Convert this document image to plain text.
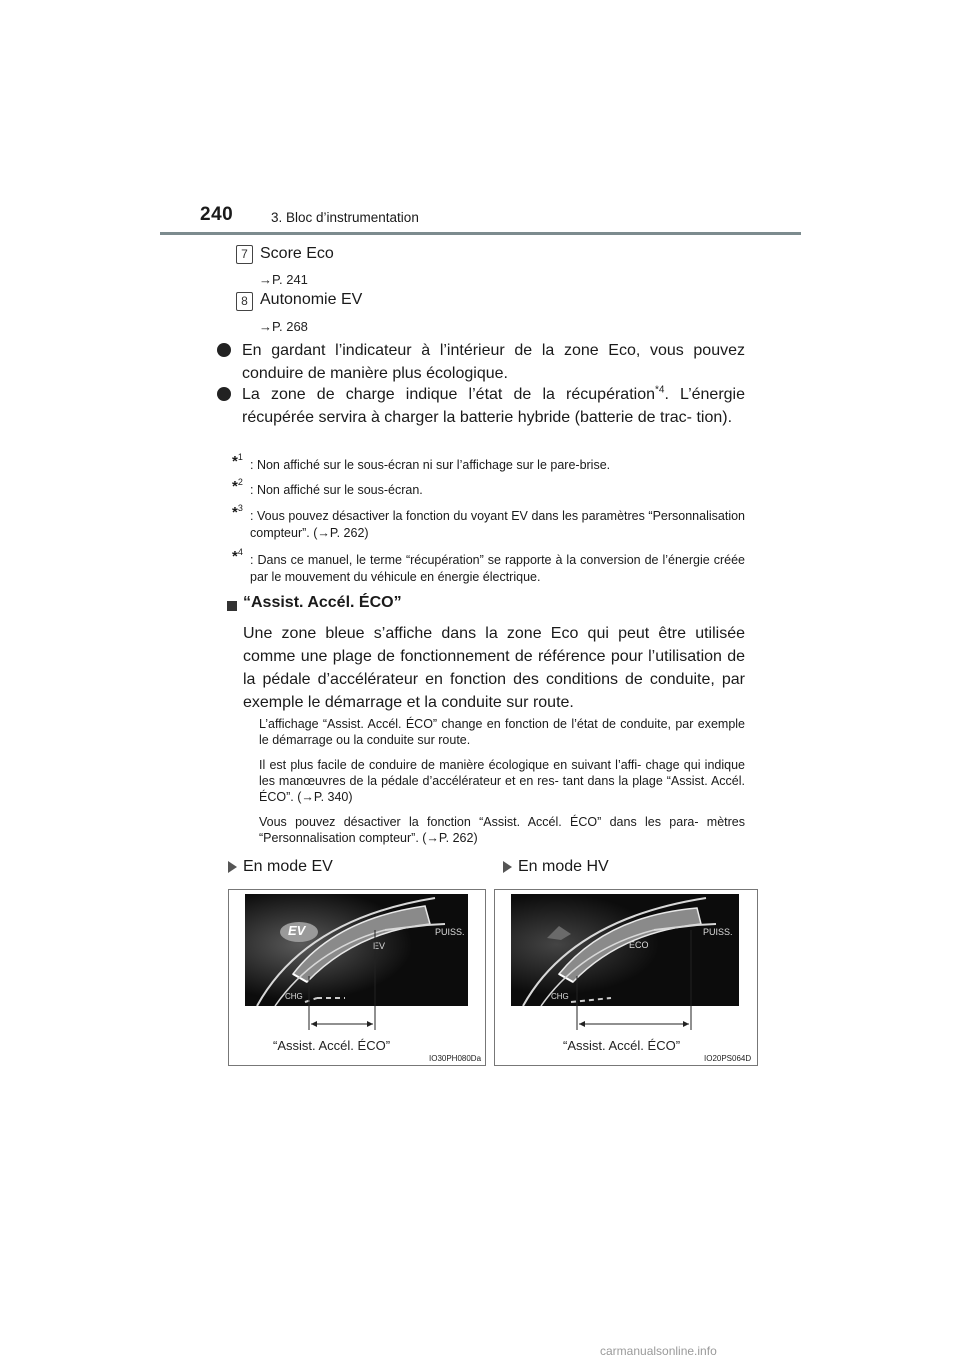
240	3. Bloc d’instrumentation
7 Score Eco
→P. 241
8 Autonomie EV
→P. 268
En gardant l’indicateur à l’intérieur de la zone Eco, vous pouvez conduire de manière plus écologique.
La zone de charge indique l’état de la récupération$^{*4}$. L’énergie récupérée servira à charger la batterie hybride (batterie de trac- tion).
*$^1$
: Non affiché sur le sous-écran ni sur l’affichage sur le pare-brise.
*$^2$
: Non affiché sur le sous-écran.
*$^3$
: Vous pouvez désactiver la fonction du voyant EV dans les paramètres “Personnalisation compteur”. (→P. 262)
*$^4$
: Dans ce manuel, le terme “récupération” se rapporte à la conversion de l’énergie créée par le mouvement du véhicule en énergie électrique.
“Assist. Accél. ÉCO”
Une zone bleue s’affiche dans la zone Eco qui peut être utilisée comme une plage de fonctionnement de référence pour l’utilisation de la pédale d’accélérateur en fonction des conditions de conduite, par exemple le démarrage et la conduite sur route.
L’affichage “Assist. Accél. ÉCO” change en fonction de l’état de conduite, par exemple le démarrage ou la conduite sur route.
Il est plus facile de conduire de manière écologique en suivant l’affi- chage qui indique les manœuvres de la pédale d’accélérateur et en res- tant dans la plage “Assist. Accél. ÉCO”. (→P. 340)
Vous pouvez désactiver la fonction “Assist. Accél. ÉCO” dans les para- mètres “Personnalisation compteur”. (→P. 262)
En mode EV	En mode HV
EV
EV
PUISS.
CHG
“Assist. Accél. ÉCO”
IO30PH080Da
ECO
PUISS.
CHG
“Assist. Accél. ÉCO”
IO20PS064D
carmanualsonline.info
